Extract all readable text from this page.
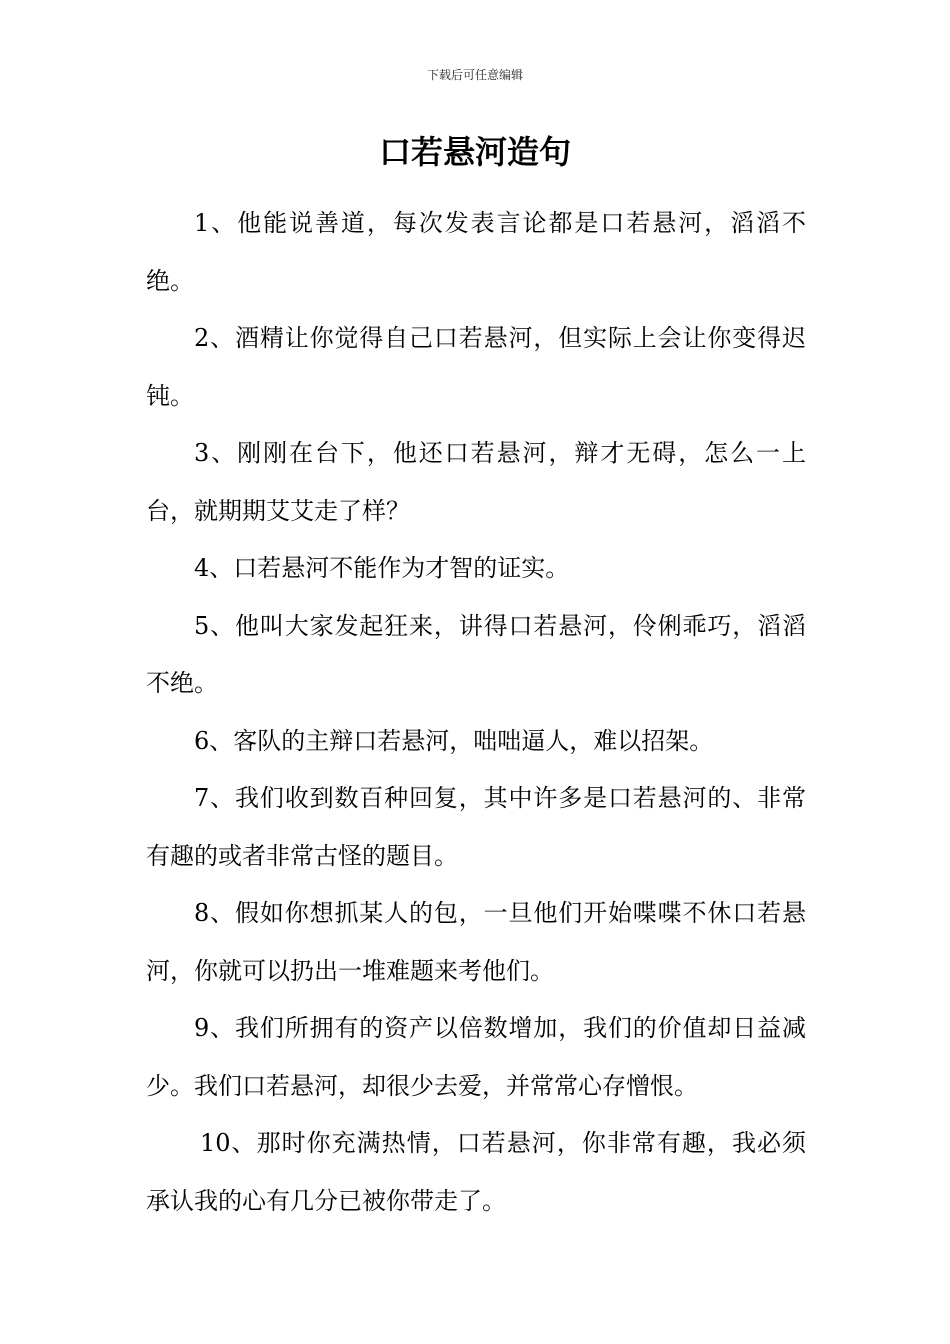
下载后可任意编辑
口若悬河造句

1、他能说善道，每次发表言论都是口若悬河，滔滔不绝。

2、酒精让你觉得自己口若悬河，但实际上会让你变得迟钝。

3、刚刚在台下，他还口若悬河，辩才无碍，怎么一上台，就期期艾艾走了样？

4、口若悬河不能作为才智的证实。

5、他叫大家发起狂来，讲得口若悬河，伶俐乖巧，滔滔不绝。

6、客队的主辩口若悬河，咄咄逼人，难以招架。

7、我们收到数百种回复，其中许多是口若悬河的、非常有趣的或者非常古怪的题目。

8、假如你想抓某人的包，一旦他们开始喋喋不休口若悬河，你就可以扔出一堆难题来考他们。

9、我们所拥有的资产以倍数增加，我们的价值却日益减少。我们口若悬河，却很少去爱，并常常心存憎恨。

10、那时你充满热情，口若悬河，你非常有趣，我必须承认我的心有几分已被你带走了。
